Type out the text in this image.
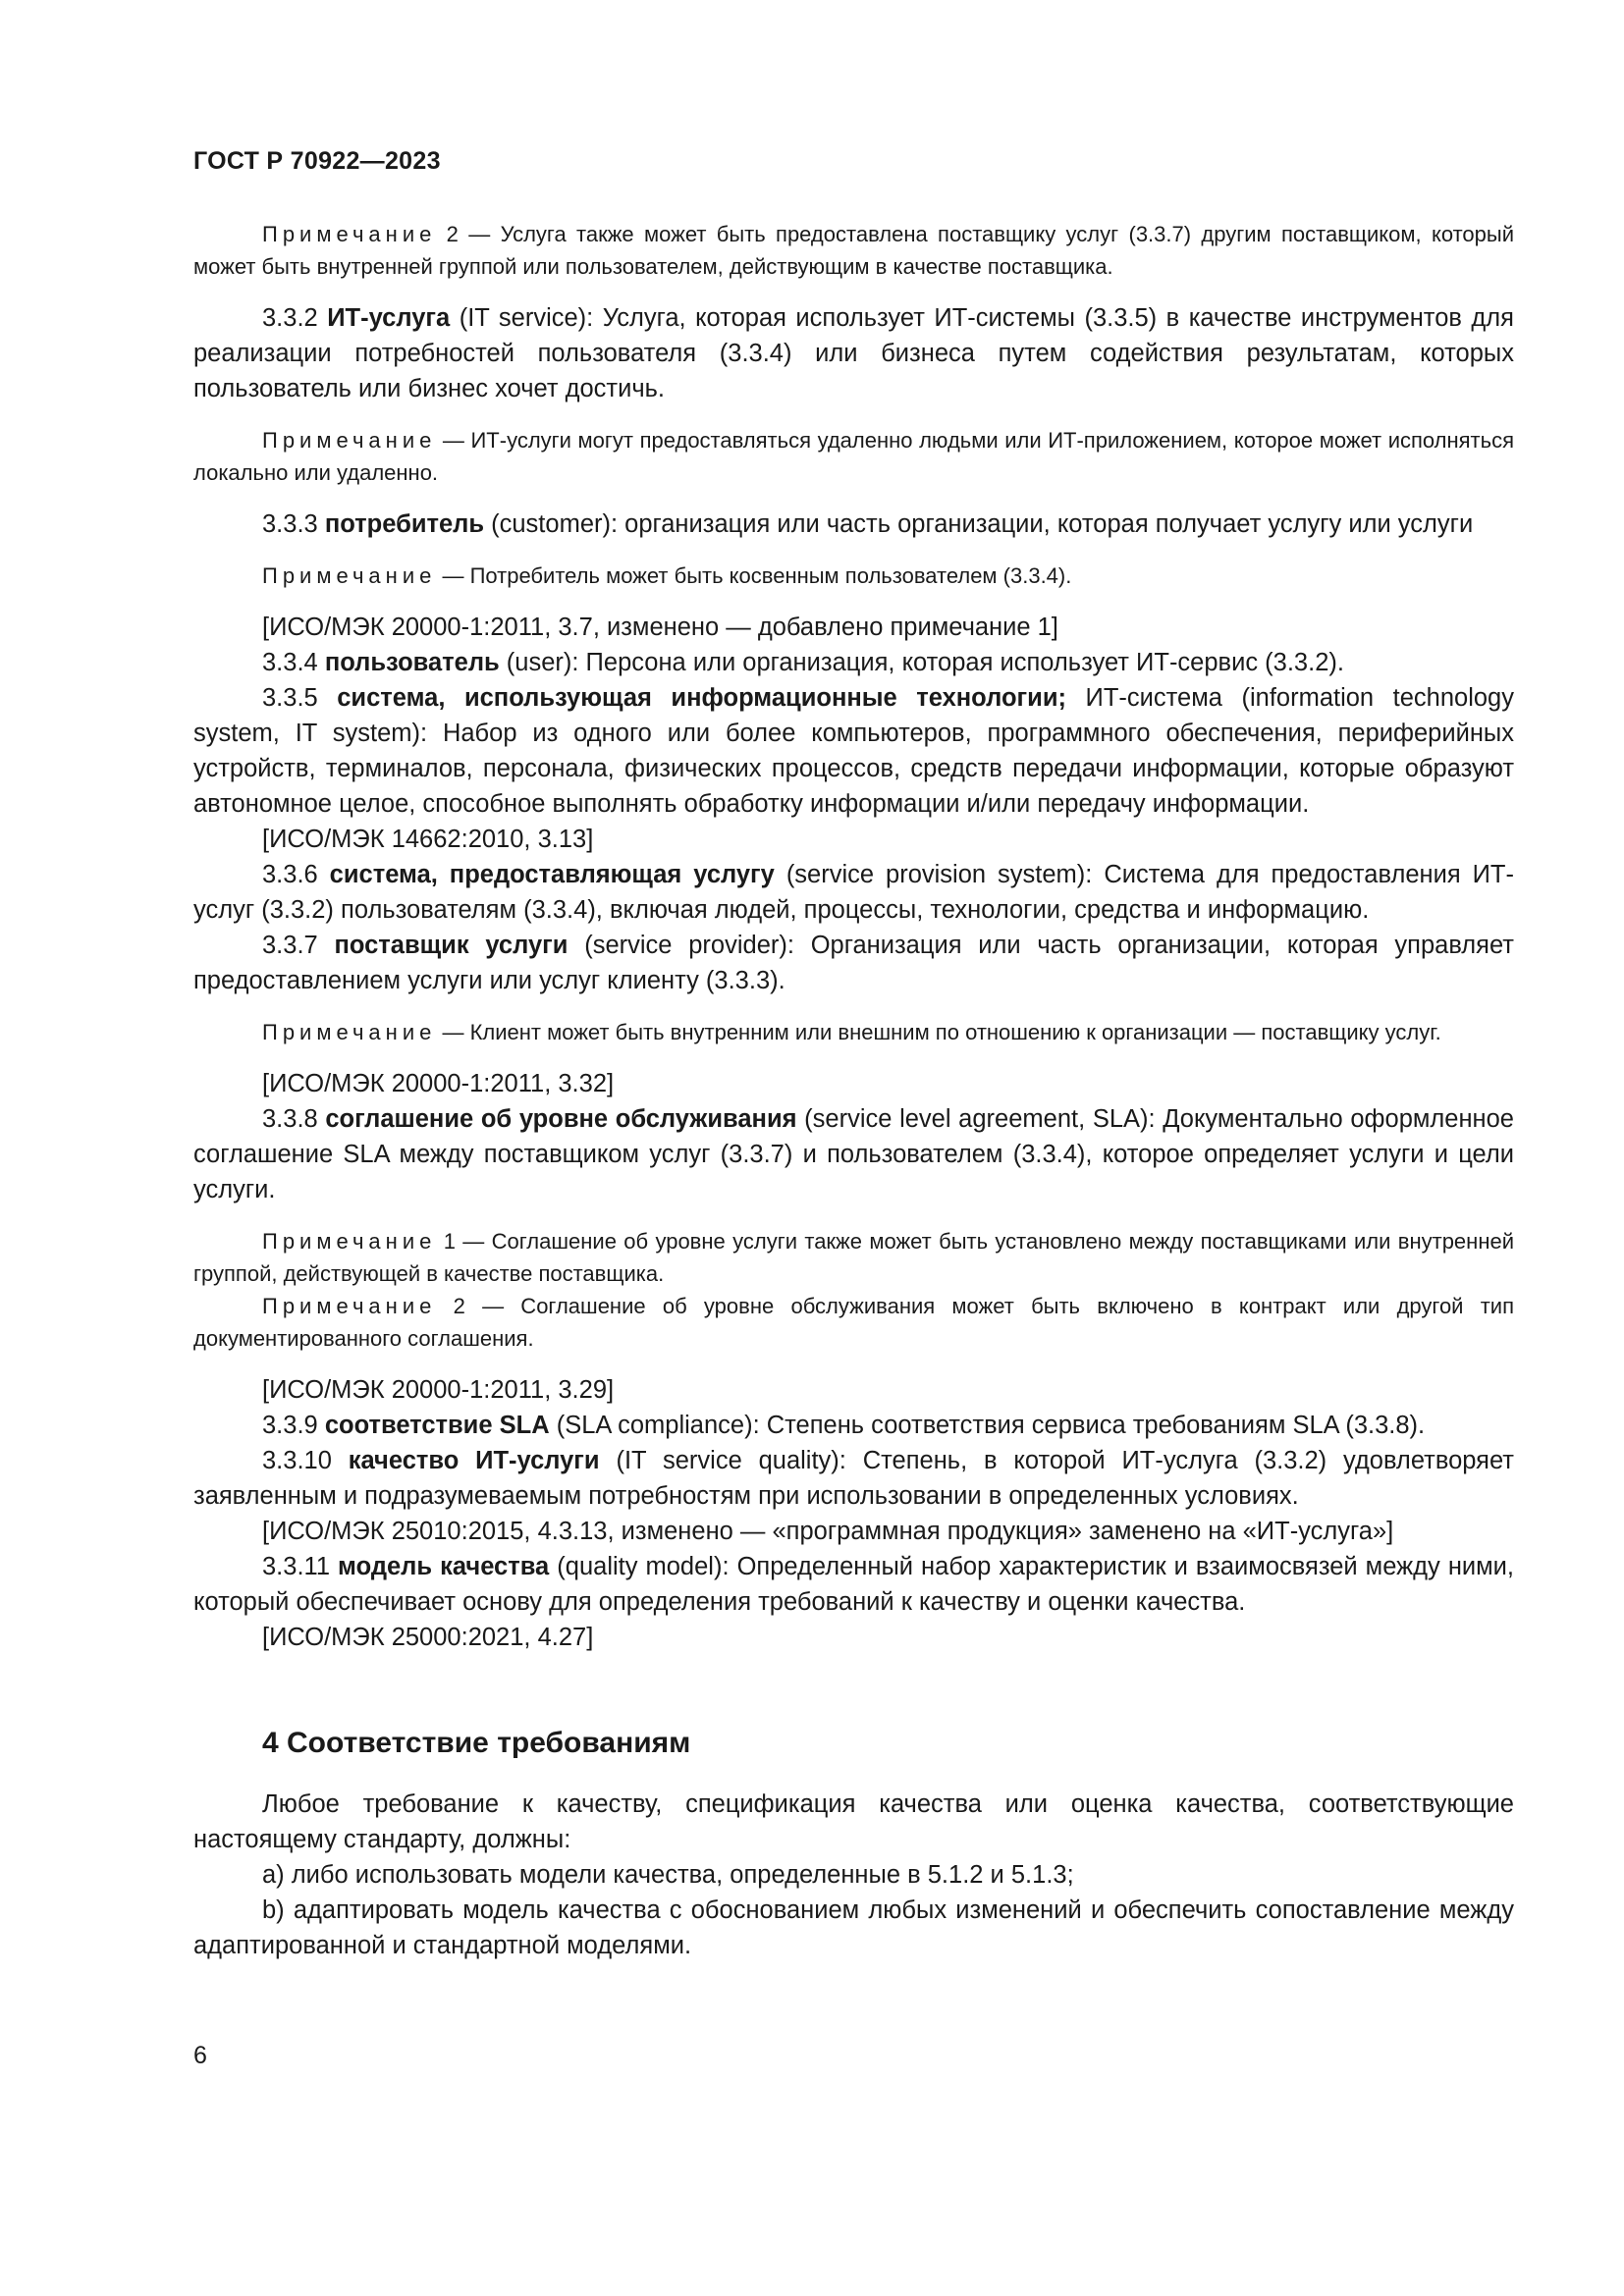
ГОСТ Р 70922—2023

Примечание 2 — Услуга также может быть предоставлена поставщику услуг (3.3.7) другим поставщиком, который может быть внутренней группой или пользователем, действующим в качестве поставщика.

3.3.2 ИТ-услуга (IT service): Услуга, которая использует ИТ-системы (3.3.5) в качестве инструментов для реализации потребностей пользователя (3.3.4) или бизнеса путем содействия результатам, которых пользователь или бизнес хочет достичь.

Примечание — ИТ-услуги могут предоставляться удаленно людьми или ИТ-приложением, которое может исполняться локально или удаленно.

3.3.3 потребитель (customer): организация или часть организации, которая получает услугу или услуги

Примечание — Потребитель может быть косвенным пользователем (3.3.4).

[ИСО/МЭК 20000-1:2011, 3.7, изменено — добавлено примечание 1]

3.3.4 пользователь (user): Персона или организация, которая использует ИТ-сервис (3.3.2).

3.3.5 система, использующая информационные технологии; ИТ-система (information technology system, IT system): Набор из одного или более компьютеров, программного обеспечения, периферийных устройств, терминалов, персонала, физических процессов, средств передачи информации, которые образуют автономное целое, способное выполнять обработку информации и/или передачу информации.

[ИСО/МЭК 14662:2010, 3.13]

3.3.6 система, предоставляющая услугу (service provision system): Система для предоставления ИТ-услуг (3.3.2) пользователям (3.3.4), включая людей, процессы, технологии, средства и информацию.

3.3.7 поставщик услуги (service provider): Организация или часть организации, которая управляет предоставлением услуги или услуг клиенту (3.3.3).

Примечание — Клиент может быть внутренним или внешним по отношению к организации — поставщику услуг.

[ИСО/МЭК 20000-1:2011, 3.32]

3.3.8 соглашение об уровне обслуживания (service level agreement, SLA): Документально оформленное соглашение SLA между поставщиком услуг (3.3.7) и пользователем (3.3.4), которое определяет услуги и цели услуги.

Примечание 1 — Соглашение об уровне услуги также может быть установлено между поставщиками или внутренней группой, действующей в качестве поставщика.

Примечание 2 — Соглашение об уровне обслуживания может быть включено в контракт или другой тип документированного соглашения.

[ИСО/МЭК 20000-1:2011, 3.29]

3.3.9 соответствие SLA (SLA compliance): Степень соответствия сервиса требованиям SLA (3.3.8).

3.3.10 качество ИТ-услуги (IT service quality): Степень, в которой ИТ-услуга (3.3.2) удовлетворяет заявленным и подразумеваемым потребностям при использовании в определенных условиях.

[ИСО/МЭК 25010:2015, 4.3.13, изменено — «программная продукция» заменено на «ИТ-услуга»]

3.3.11 модель качества (quality model): Определенный набор характеристик и взаимосвязей между ними, который обеспечивает основу для определения требований к качеству и оценки качества.

[ИСО/МЭК 25000:2021, 4.27]

4 Соответствие требованиям

Любое требование к качеству, спецификация качества или оценка качества, соответствующие настоящему стандарту, должны:

а) либо использовать модели качества, определенные в 5.1.2 и 5.1.3;

b) адаптировать модель качества с обоснованием любых изменений и обеспечить сопоставление между адаптированной и стандартной моделями.

6
